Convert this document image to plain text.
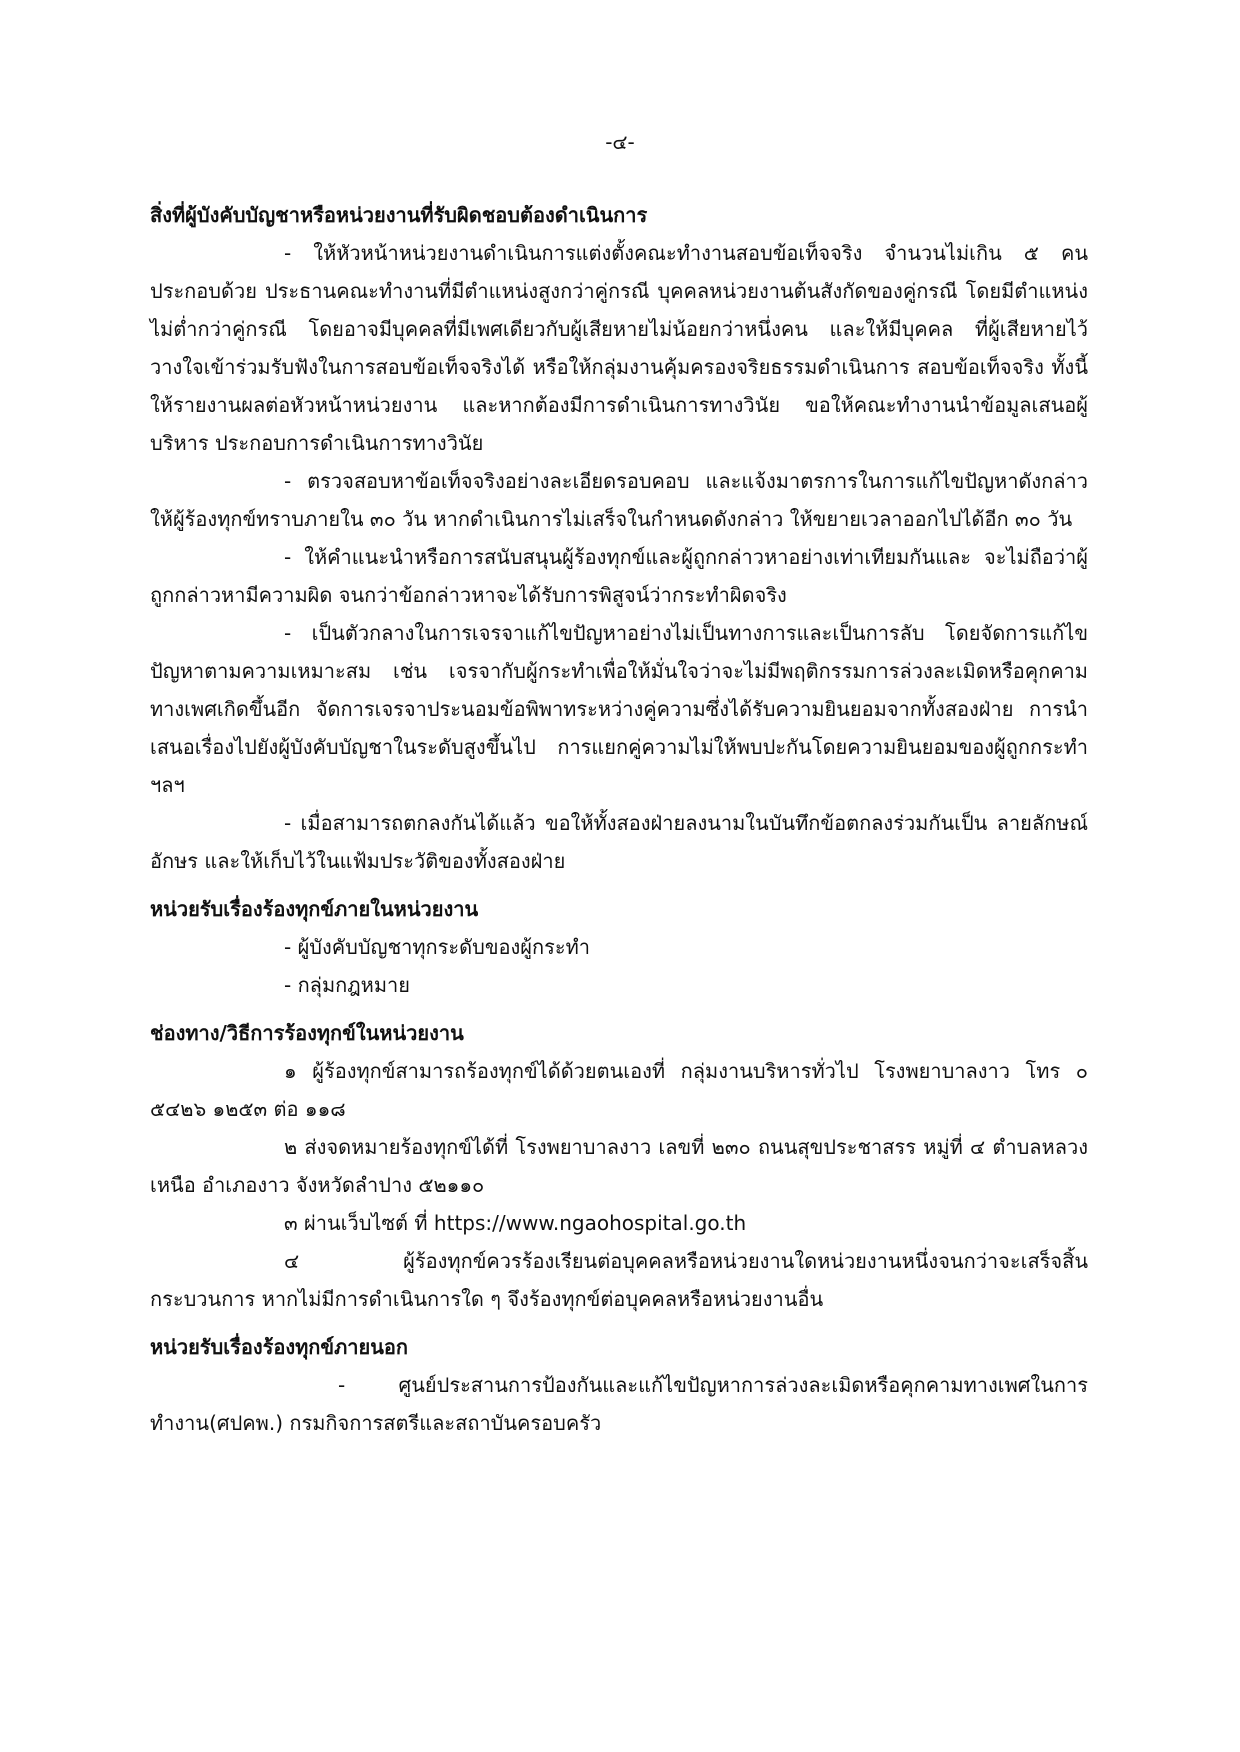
-๔-

สิ่งที่ผู้บังคับบัญชาหรือหน่วยงานที่รับผิดชอบต้องดำเนินการ

- ให้หัวหน้าหน่วยงานดำเนินการแต่งตั้งคณะทำงานสอบข้อเท็จจริง จำนวนไม่เกิน ๕ คน ประกอบด้วย ประธานคณะทำงานที่มีตำแหน่งสูงกว่าคู่กรณี บุคคลหน่วยงานต้นสังกัดของคู่กรณี โดยมีตำแหน่งไม่ต่ำกว่าคู่กรณี โดยอาจมีบุคคลที่มีเพศเดียวกับผู้เสียหายไม่น้อยกว่าหนึ่งคน และให้มีบุคคล ที่ผู้เสียหายไว้วางใจเข้าร่วมรับฟังในการสอบข้อเท็จจริงได้ หรือให้กลุ่มงานคุ้มครองจริยธรรมดำเนินการ สอบข้อเท็จจริง ทั้งนี้ ให้รายงานผลต่อหัวหน้าหน่วยงาน และหากต้องมีการดำเนินการทางวินัย ขอให้คณะทำงานนำข้อมูลเสนอผู้บริหาร ประกอบการดำเนินการทางวินัย

- ตรวจสอบหาข้อเท็จจริงอย่างละเอียดรอบคอบ และแจ้งมาตรการในการแก้ไขปัญหาดังกล่าวให้ผู้ร้องทุกข์ทราบภายใน ๓๐ วัน หากดำเนินการไม่เสร็จในกำหนดดังกล่าว ให้ขยายเวลาออกไปได้อีก ๓๐ วัน

- ให้คำแนะนำหรือการสนับสนุนผู้ร้องทุกข์และผู้ถูกกล่าวหาอย่างเท่าเทียมกันและ จะไม่ถือว่าผู้ถูกกล่าวหามีความผิด จนกว่าข้อกล่าวหาจะได้รับการพิสูจน์ว่ากระทำผิดจริง

- เป็นตัวกลางในการเจรจาแก้ไขปัญหาอย่างไม่เป็นทางการและเป็นการลับ โดยจัดการแก้ไขปัญหาตามความเหมาะสม เช่น เจรจากับผู้กระทำเพื่อให้มั่นใจว่าจะไม่มีพฤติกรรมการล่วงละเมิดหรือคุกคามทางเพศเกิดขึ้นอีก จัดการเจรจาประนอมข้อพิพาทระหว่างคู่ความซึ่งได้รับความยินยอมจากทั้งสองฝ่าย การนำเสนอเรื่องไปยังผู้บังคับบัญชาในระดับสูงขึ้นไป การแยกคู่ความไม่ให้พบปะกันโดยความยินยอมของผู้ถูกกระทำ ฯลฯ

- เมื่อสามารถตกลงกันได้แล้ว ขอให้ทั้งสองฝ่ายลงนามในบันทึกข้อตกลงร่วมกันเป็น ลายลักษณ์อักษร และให้เก็บไว้ในแฟ้มประวัติของทั้งสองฝ่าย

หน่วยรับเรื่องร้องทุกข์ภายในหน่วยงาน

- ผู้บังคับบัญชาทุกระดับของผู้กระทำ

- กลุ่มกฎหมาย

ช่องทาง/วิธีการร้องทุกข์ในหน่วยงาน

๑ ผู้ร้องทุกข์สามารถร้องทุกข์ได้ด้วยตนเองที่ กลุ่มงานบริหารทั่วไป โรงพยาบาลงาว โทร ๐ ๕๔๒๖ ๑๒๕๓ ต่อ ๑๑๘

๒ ส่งจดหมายร้องทุกข์ได้ที่ โรงพยาบาลงาว เลขที่ ๒๓๐ ถนนสุขประชาสรร หมู่ที่ ๔ ตำบลหลวงเหนือ อำเภองาว จังหวัดลำปาง ๕๒๑๑๐

๓ ผ่านเว็บไซต์ ที่ https://www.ngaohospital.go.th

๔ ผู้ร้องทุกข์ควรร้องเรียนต่อบุคคลหรือหน่วยงานใดหน่วยงานหนึ่งจนกว่าจะเสร็จสิ้นกระบวนการ หากไม่มีการดำเนินการใด ๆ จึงร้องทุกข์ต่อบุคคลหรือหน่วยงานอื่น

หน่วยรับเรื่องร้องทุกข์ภายนอก

- ศูนย์ประสานการป้องกันและแก้ไขปัญหาการล่วงละเมิดหรือคุกคามทางเพศในการทำงาน(ศปคพ.) กรมกิจการสตรีและสถาบันครอบครัว
